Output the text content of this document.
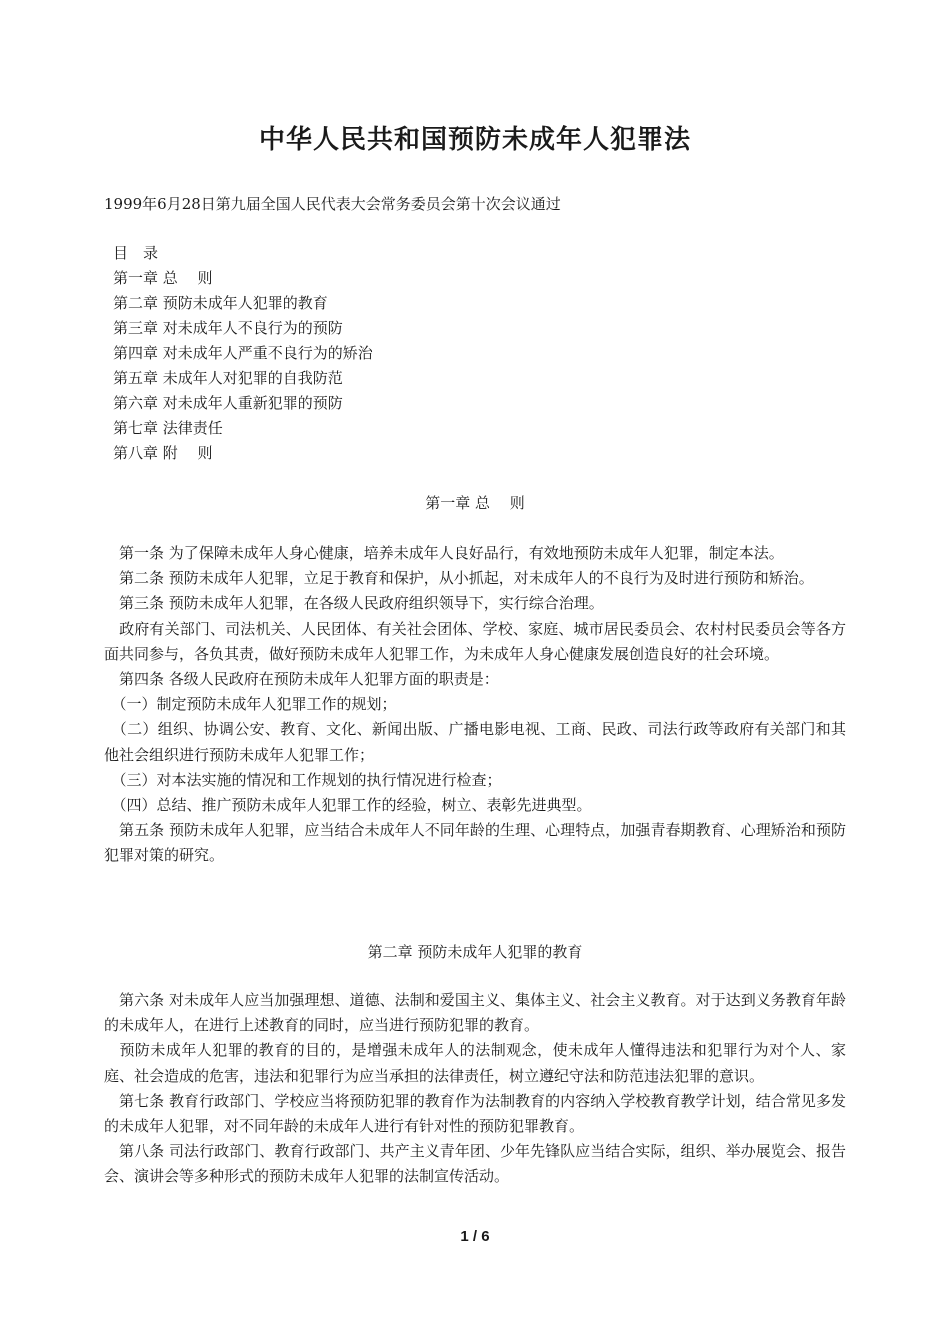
中华人民共和国预防未成年人犯罪法
1999年6月28日第九届全国人民代表大会常务委员会第十次会议通过
目　录
第一章 总　 则
第二章 预防未成年人犯罪的教育
第三章 对未成年人不良行为的预防
第四章 对未成年人严重不良行为的矫治
第五章 未成年人对犯罪的自我防范
第六章 对未成年人重新犯罪的预防
第七章 法律责任
第八章 附　 则
第一章 总　 则

　第一条 为了保障未成年人身心健康，培养未成年人良好品行，有效地预防未成年人犯罪，制定本法。

　第二条 预防未成年人犯罪，立足于教育和保护，从小抓起，对未成年人的不良行为及时进行预防和矫治。

　第三条 预防未成年人犯罪，在各级人民政府组织领导下，实行综合治理。

　政府有关部门、司法机关、人民团体、有关社会团体、学校、家庭、城市居民委员会、农村村民委员会等各方面共同参与，各负其责，做好预防未成年人犯罪工作，为未成年人身心健康发展创造良好的社会环境。

　第四条 各级人民政府在预防未成年人犯罪方面的职责是：

　（一）制定预防未成年人犯罪工作的规划；

　（二）组织、协调公安、教育、文化、新闻出版、广播电影电视、工商、民政、司法行政等政府有关部门和其他社会组织进行预防未成年人犯罪工作；

　（三）对本法实施的情况和工作规划的执行情况进行检查；

　（四）总结、推广预防未成年人犯罪工作的经验，树立、表彰先进典型。

　第五条 预防未成年人犯罪，应当结合未成年人不同年龄的生理、心理特点，加强青春期教育、心理矫治和预防犯罪对策的研究。

第二章 预防未成年人犯罪的教育

　第六条 对未成年人应当加强理想、道德、法制和爱国主义、集体主义、社会主义教育。对于达到义务教育年龄的未成年人，在进行上述教育的同时，应当进行预防犯罪的教育。

　预防未成年人犯罪的教育的目的，是增强未成年人的法制观念，使未成年人懂得违法和犯罪行为对个人、家庭、社会造成的危害，违法和犯罪行为应当承担的法律责任，树立遵纪守法和防范违法犯罪的意识。

　第七条 教育行政部门、学校应当将预防犯罪的教育作为法制教育的内容纳入学校教育教学计划，结合常见多发的未成年人犯罪，对不同年龄的未成年人进行有针对性的预防犯罪教育。

　第八条 司法行政部门、教育行政部门、共产主义青年团、少年先锋队应当结合实际，组织、举办展览会、报告会、演讲会等多种形式的预防未成年人犯罪的法制宣传活动。

1 / 6
